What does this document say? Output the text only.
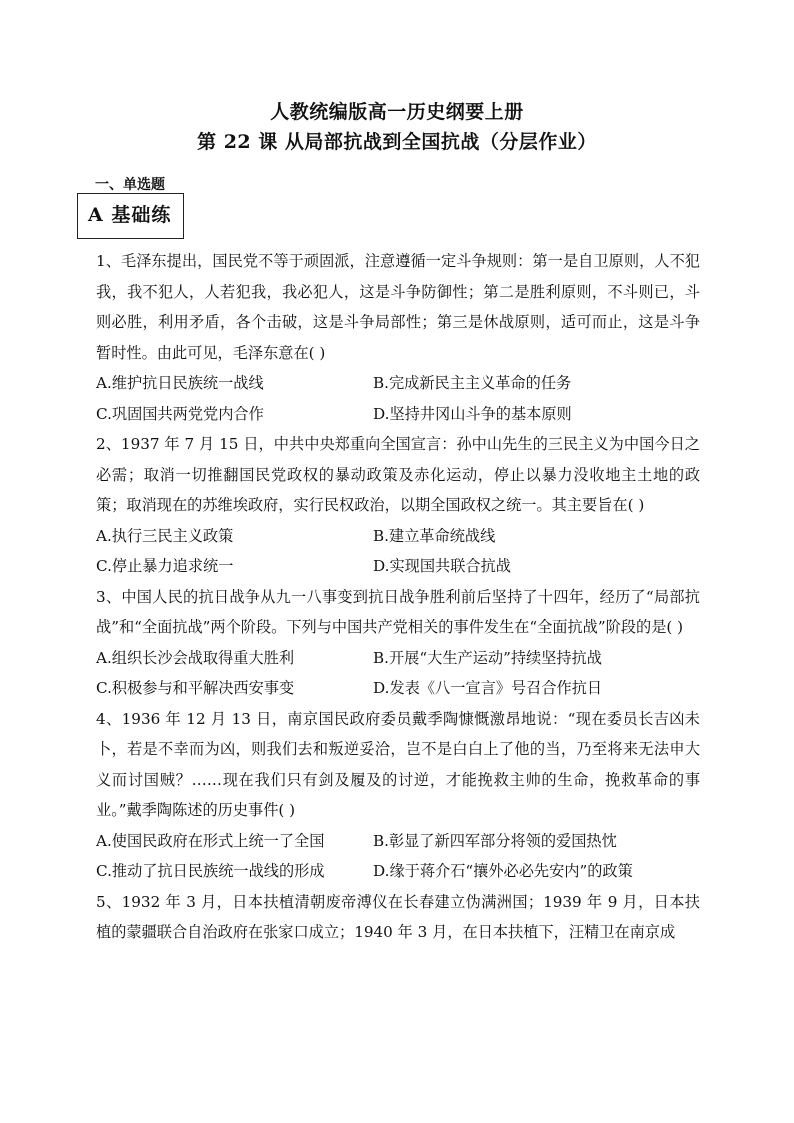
人教统编版高一历史纲要上册
第 22 课 从局部抗战到全国抗战（分层作业）
一、单选题
A 基础练

1、毛泽东提出，国民党不等于顽固派，注意遵循一定斗争规则：第一是自卫原则，人不犯我，我不犯人，人若犯我，我必犯人，这是斗争防御性；第二是胜利原则，不斗则已，斗则必胜，利用矛盾，各个击破，这是斗争局部性；第三是休战原则，适可而止，这是斗争暂时性。由此可见，毛泽东意在( )

A.维护抗日民族统一战线	B.完成新民主主义革命的任务
C.巩固国共两党党内合作	D.坚持井冈山斗争的基本原则

2、1937 年 7 月 15 日，中共中央郑重向全国宣言：孙中山先生的三民主义为中国今日之必需；取消一切推翻国民党政权的暴动政策及赤化运动，停止以暴力没收地主土地的政策；取消现在的苏维埃政府，实行民权政治，以期全国政权之统一。其主要旨在( )

A.执行三民主义政策	B.建立革命统战线
C.停止暴力追求统一	D.实现国共联合抗战

3、中国人民的抗日战争从九一八事变到抗日战争胜利前后坚持了十四年，经历了“局部抗战”和“全面抗战”两个阶段。下列与中国共产党相关的事件发生在“全面抗战”阶段的是( )

A.组织长沙会战取得重大胜利	B.开展“大生产运动”持续坚持抗战
C.积极参与和平解决西安事变	D.发表《八一宣言》号召合作抗日

4、1936 年 12 月 13 日，南京国民政府委员戴季陶慷慨激昂地说：“现在委员长吉凶未卜，若是不幸而为凶，则我们去和叛逆妥洽，岂不是白白上了他的当，乃至将来无法申大义而讨国贼？……现在我们只有剑及履及的讨逆，才能挽救主帅的生命，挽救革命的事业。”戴季陶陈述的历史事件( )

A.使国民政府在形式上统一了全国	B.彰显了新四军部分将领的爱国热忱
C.推动了抗日民族统一战线的形成	D.缘于蒋介石“攘外必必先安内”的政策

5、1932 年 3 月，日本扶植清朝废帝溥仪在长春建立伪满洲国；1939 年 9 月，日本扶植的蒙疆联合自治政府在张家口成立；1940 年 3 月，在日本扶植下，汪精卫在南京成
